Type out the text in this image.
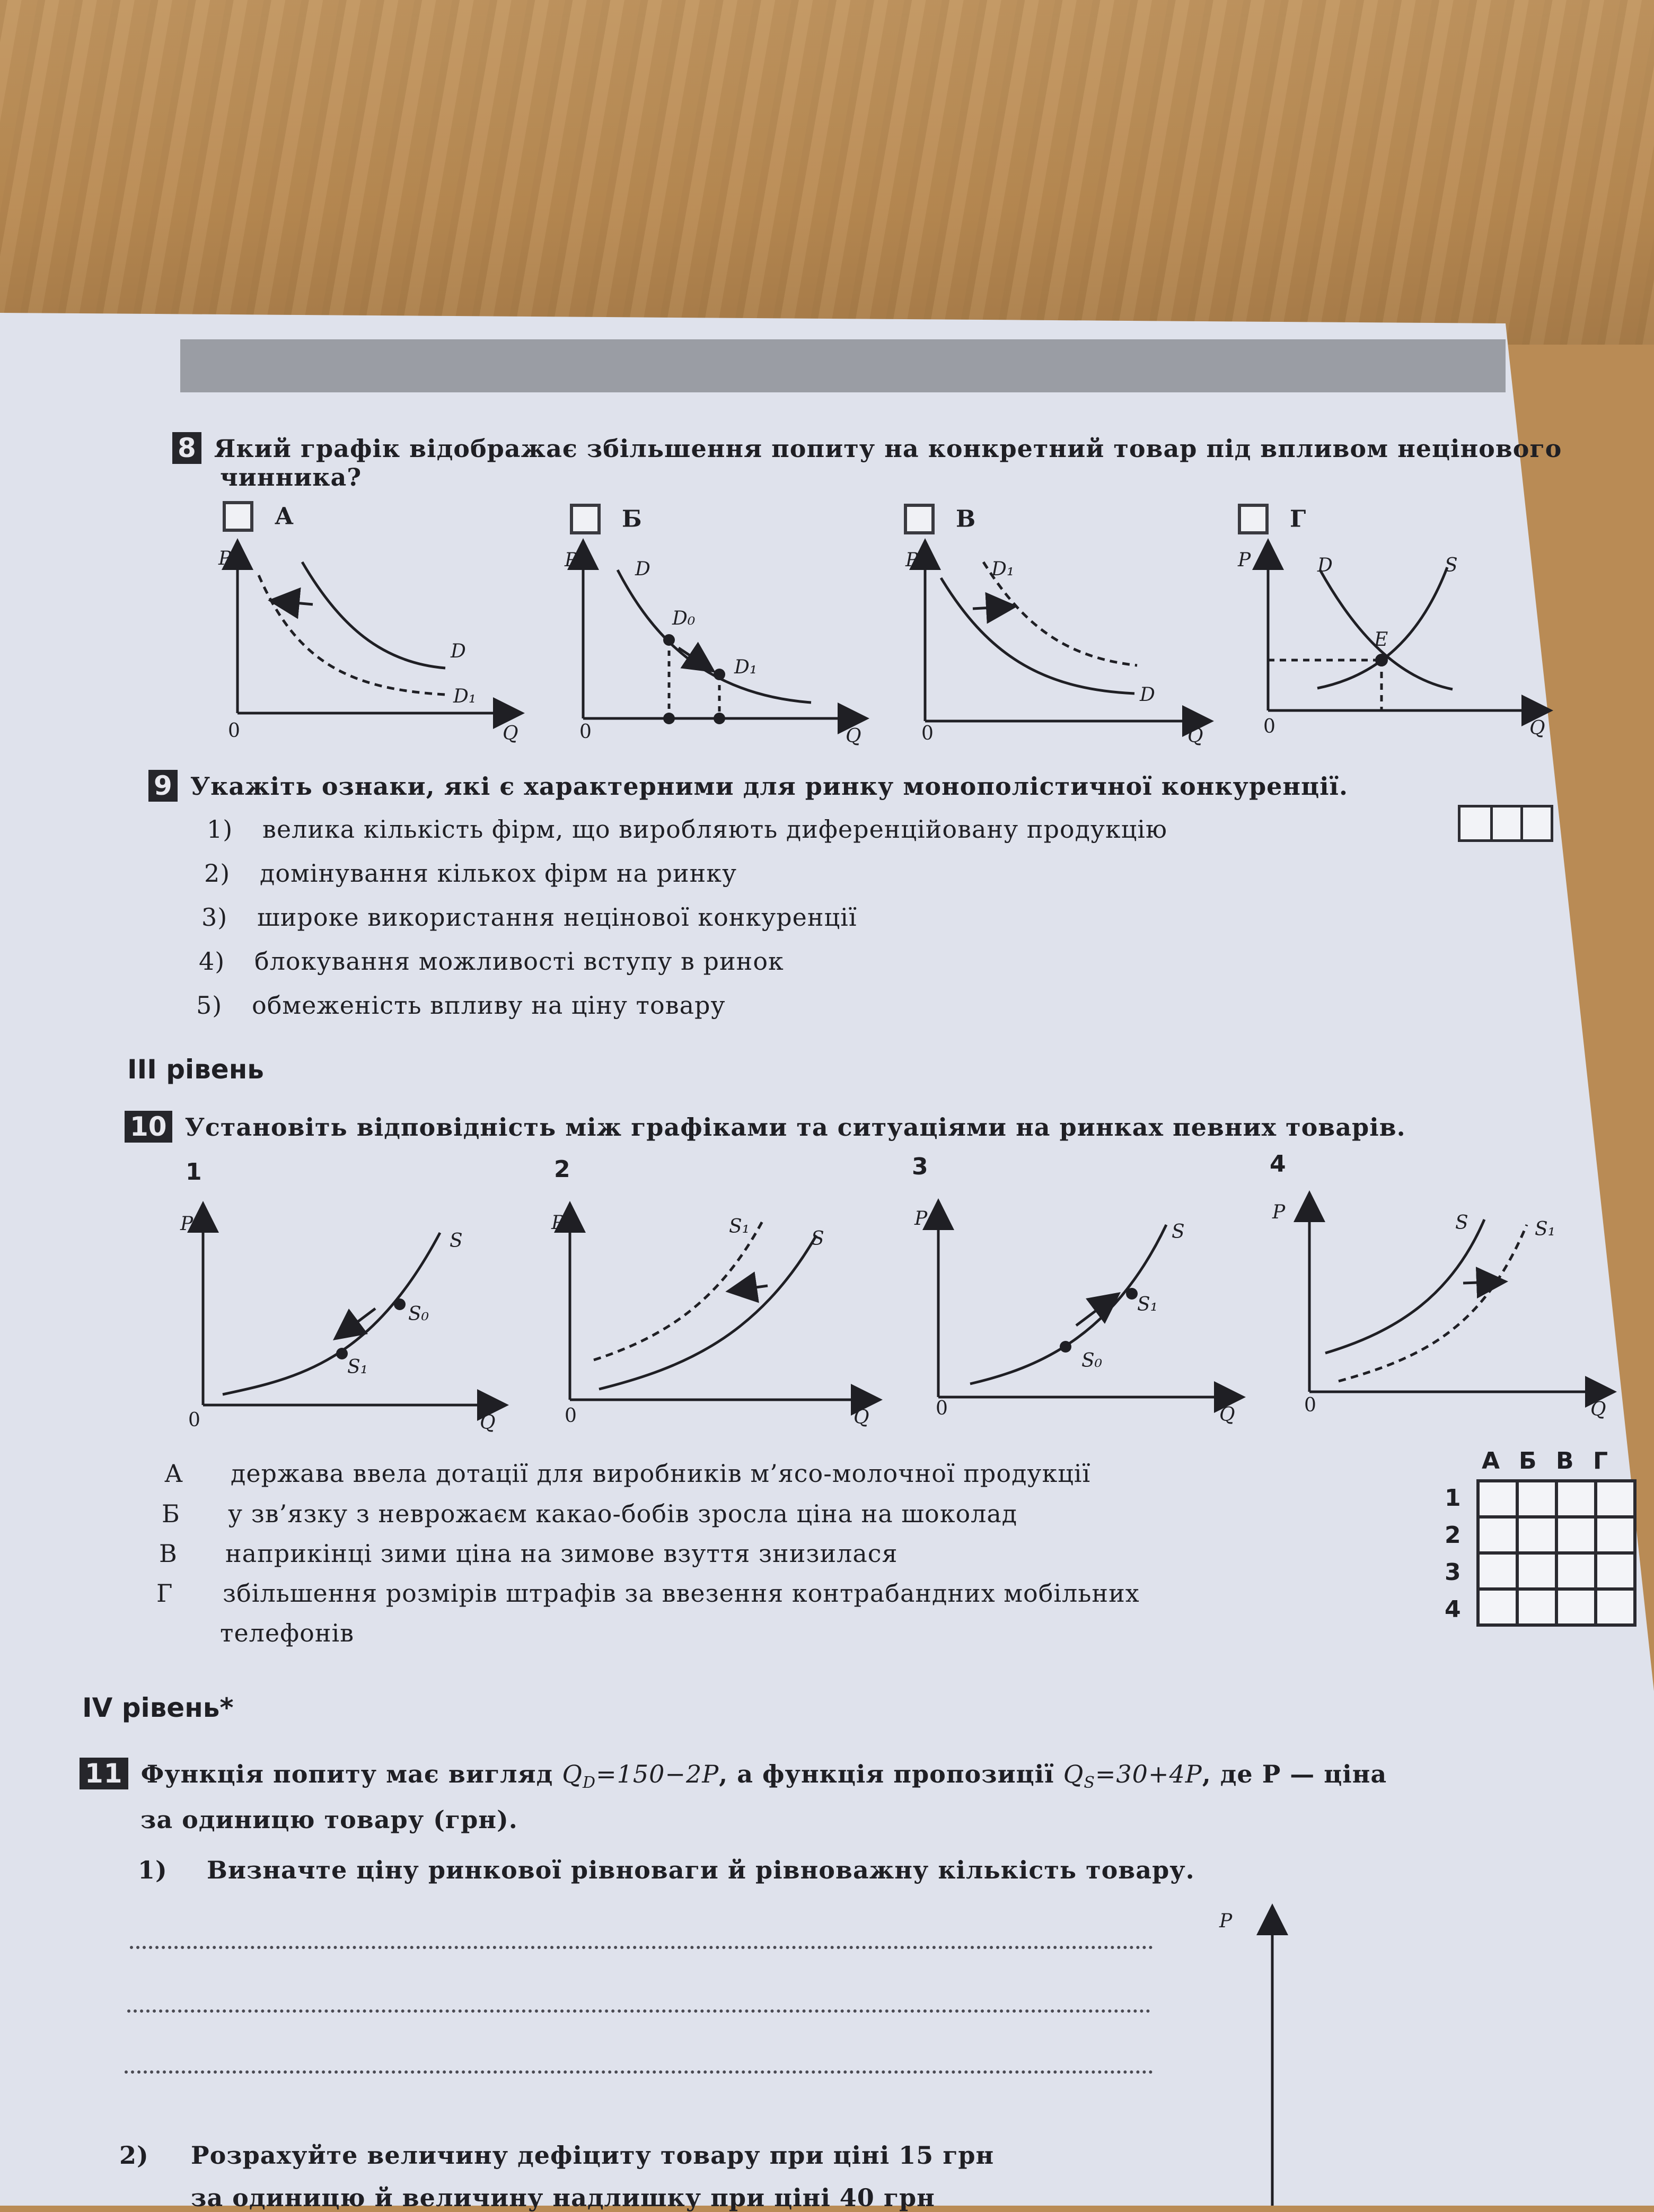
8 Який графік відображає збільшення попиту на конкретний товар під впливом нецінового
чинника?
А	Б	В	Г
P
Q
0
D
D₁
P
Q
0
D
D₀
D₁
P
Q
0
D₁
D
P
Q
0
D	S
E
9 Укажіть ознаки, які є характерними для ринку монополістичної конкуренції.
1) велика кількість фірм, що виробляють диференційовану продукцію
2) домінування кількох фірм на ринку
3) широке використання нецінової конкуренції
4) блокування можливості вступу в ринок
5) обмеженість впливу на ціну товару
III рівень
10 Установіть відповідність між графіками та ситуаціями на ринках певних товарів.
1	2	3	4
P
Q
0
S
S₀
S₁
P
Q
0
S₁
S
P
Q
0
S
S₁
S₀
P
Q
0
S	S₁
А держава ввела дотації для виробників м’ясо-молочної продукції
Б у зв’язку з неврожаєм какао-бобів зросла ціна на шоколад
В наприкінці зими ціна на зимове взуття знизилася
Г збільшення розмірів штрафів за ввезення контрабандних мобільних
телефонів
А Б В Г
1
2
3
4

IV рівень*
11 Функція попиту має вигляд $Q_D=150-2P$, а функція пропозиції $Q_S=30+4P$, де P — ціна
за одиницю товару (грн).
1) Визначте ціну ринкової рівноваги й рівноважну кількість товару.
P
2) Розрахуйте величину дефіциту товару при ціні 15 грн
за одиницю й величину надлишку при ціні 40 грн
